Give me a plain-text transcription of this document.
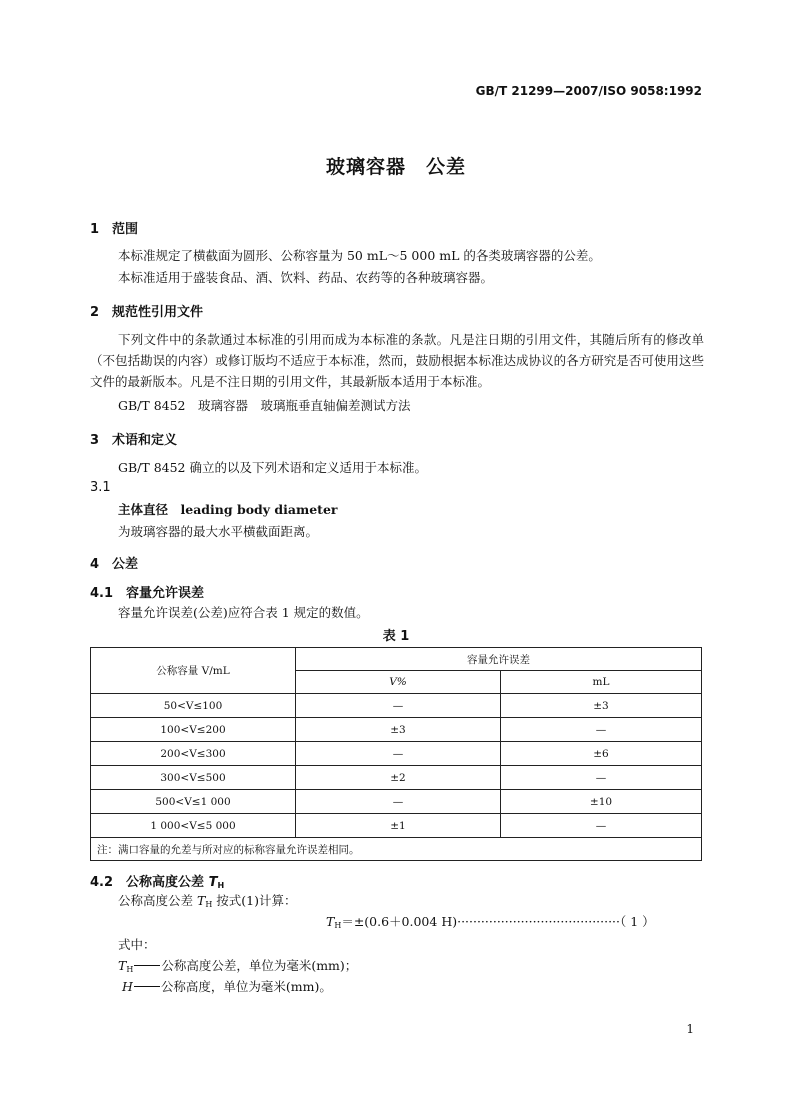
GB/T 21299—2007/ISO 9058:1992
玻璃容器　公差
1　范围
本标准规定了横截面为圆形、公称容量为 50 mL～5 000 mL 的各类玻璃容器的公差。
本标准适用于盛装食品、酒、饮料、药品、农药等的各种玻璃容器。
2　规范性引用文件
下列文件中的条款通过本标准的引用而成为本标准的条款。凡是注日期的引用文件，其随后所有的修改单（不包括勘误的内容）或修订版均不适应于本标准，然而，鼓励根据本标准达成协议的各方研究是否可使用这些文件的最新版本。凡是不注日期的引用文件，其最新版本适用于本标准。
GB/T 8452　玻璃容器　玻璃瓶垂直轴偏差测试方法
3　术语和定义
GB/T 8452 确立的以及下列术语和定义适用于本标准。
3.1
主体直径　leading body diameter
为玻璃容器的最大水平横截面距离。
4　公差
4.1　容量允许误差
容量允许误差(公差)应符合表 1 规定的数值。
表 1
公称容量 V/mL	容量允许误差	
	V%	mL
50<V≤100	—	±3
100<V≤200	±3	—
200<V≤300	—	±6
300<V≤500	±2	—
500<V≤1 000	—	±10
1 000<V≤5 000	±1	—
注：满口容量的允差与所对应的标称容量允许误差相同。		
4.2　公称高度公差 $T_H$
公称高度公差 $T_H$ 按式(1)计算：
$T_H=\pm(0.6+0.004$ H)·········································（ 1 ）
式中：
$T_H$ 公称高度公差，单位为毫米(mm)；
H 公称高度，单位为毫米(mm)。
1
